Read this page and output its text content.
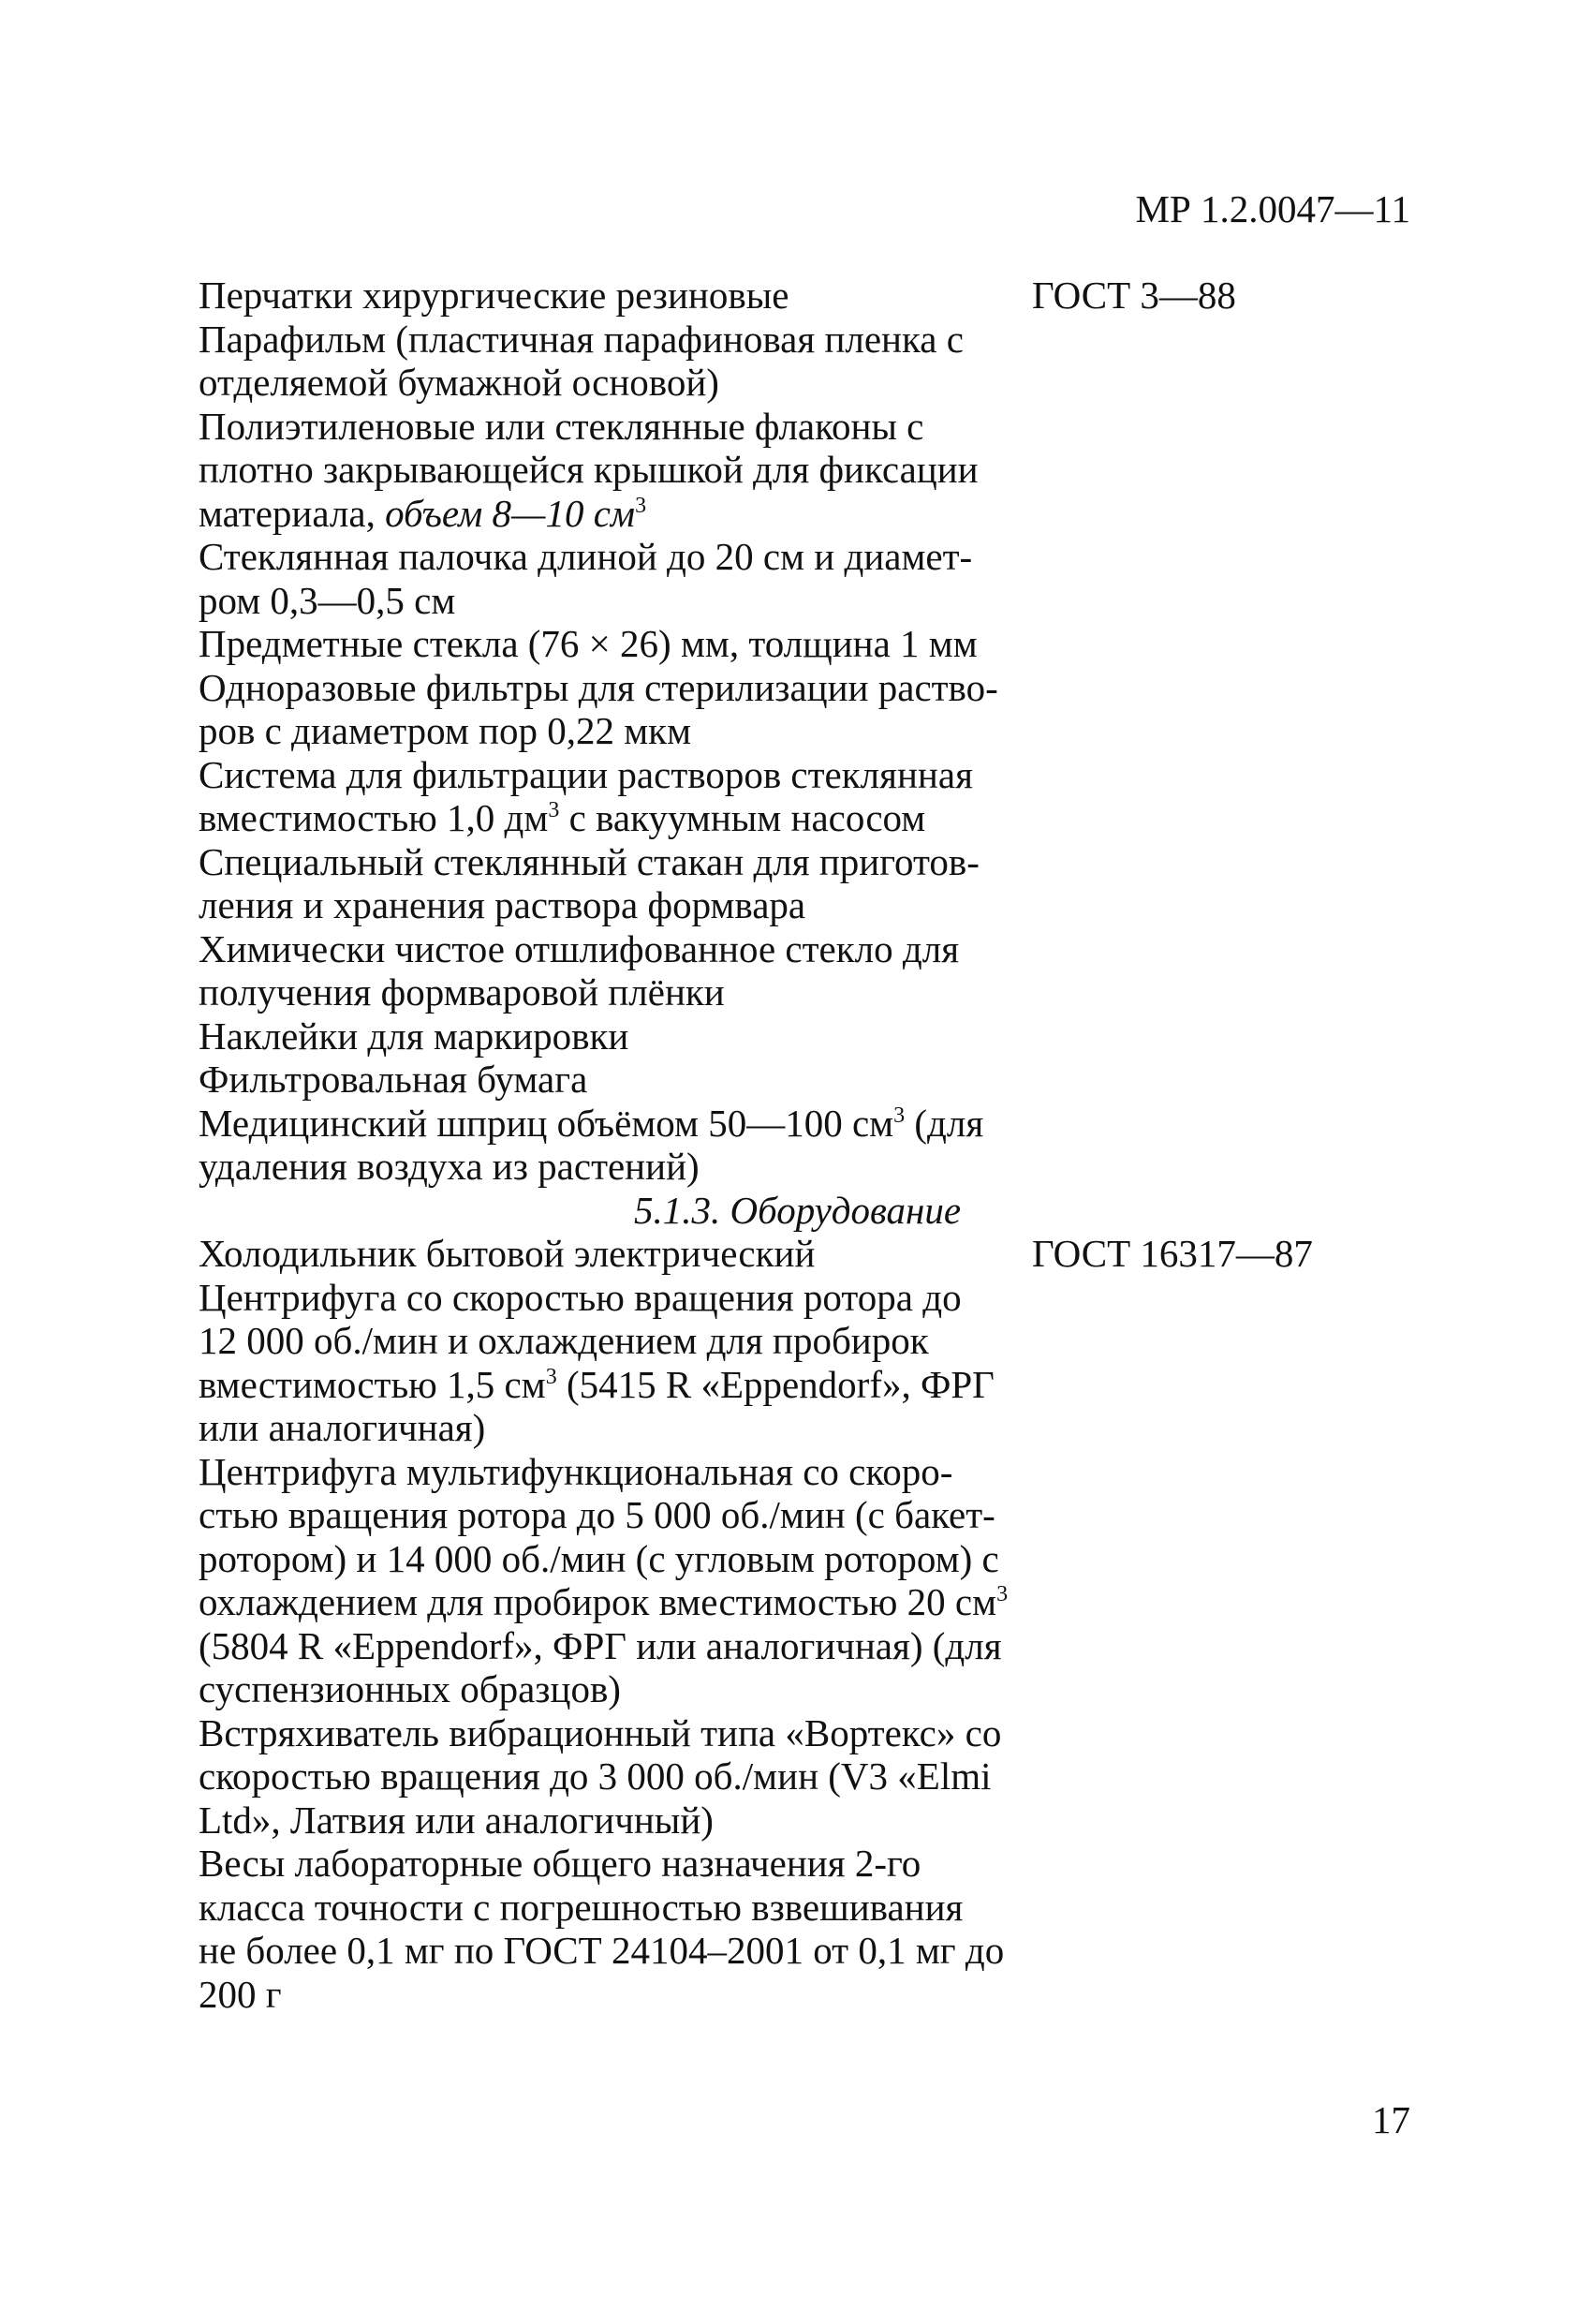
МР 1.2.0047—11
Перчатки хирургические резиновые	ГОСТ 3—88
Парафильм (пластичная парафиновая пленка с
отделяемой бумажной основой)
Полиэтиленовые или стеклянные флаконы с
плотно закрывающейся крышкой для фиксации
материала, объем 8—10 $см^3$
Стеклянная палочка длиной до 20 см и диамет-
ром 0,3—0,5 см
Предметные стекла (76 × 26) мм, толщина 1 мм
Одноразовые фильтры для стерилизации раство-
ров с диаметром пор 0,22 мкм
Система для фильтрации растворов стеклянная
вместимостью 1,0 $дм^3$ с вакуумным насосом
Специальный стеклянный стакан для приготов-
ления и хранения раствора формвара
Химически чистое отшлифованное стекло для
получения формваровой плёнки
Наклейки для маркировки
Фильтровальная бумага
Медицинский шприц объёмом 50—100 $см^3$ (для
удаления воздуха из растений)
5.1.3. Оборудование
Холодильник бытовой электрический	ГОСТ 16317—87
Центрифуга со скоростью вращения ротора до
12 000 об./мин и охлаждением для пробирок
вместимостью 1,5 $см^3$ (5415 R «Eppendorf», ФРГ
или аналогичная)
Центрифуга мультифункциональная со скоро-
стью вращения ротора до 5 000 об./мин (с бакет-
ротором) и 14 000 об./мин (с угловым ротором) с
охлаждением для пробирок вместимостью 20 $см^3$
(5804 R «Eppendorf», ФРГ или аналогичная) (для
суспензионных образцов)
Встряхиватель вибрационный типа «Вортекс» со
скоростью вращения до 3 000 об./мин (V3 «Elmi
Ltd», Латвия или аналогичный)
Весы лабораторные общего назначения 2-го
класса точности с погрешностью взвешивания
не более 0,1 мг по ГОСТ 24104–2001 от 0,1 мг до
200 г
17
